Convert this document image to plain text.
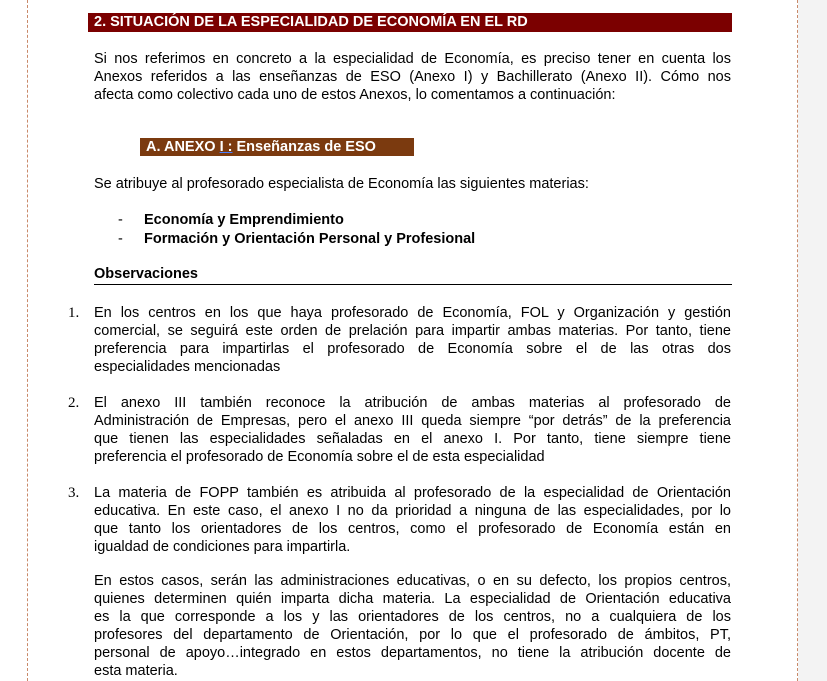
2. SITUACIÓN DE LA ESPECIALIDAD DE ECONOMÍA EN EL RD
Si nos referimos en concreto a la especialidad de Economía, es preciso tener en cuenta los
Anexos referidos a las enseñanzas de ESO (Anexo I) y Bachillerato (Anexo II). Cómo nos
afecta como colectivo cada uno de estos Anexos, lo comentamos a continuación:
A. ANEXO I : Enseñanzas de ESO
Se atribuye al profesorado especialista de Economía las siguientes materias:
- Economía y Emprendimiento
- Formación y Orientación Personal y Profesional
Observaciones
1. En los centros en los que haya profesorado de Economía, FOL y Organización y gestión
comercial, se seguirá este orden de prelación para impartir ambas materias. Por tanto, tiene
preferencia para impartirlas el profesorado de Economía sobre el de las otras dos
especialidades mencionadas
2. El anexo III también reconoce la atribución de ambas materias al profesorado de
Administración de Empresas, pero el anexo III queda siempre “por detrás” de la preferencia
que tienen las especialidades señaladas en el anexo I. Por tanto, tiene siempre tiene
preferencia el profesorado de Economía sobre el de esta especialidad
3. La materia de FOPP también es atribuida al profesorado de la especialidad de Orientación
educativa. En este caso, el anexo I no da prioridad a ninguna de las especialidades, por lo
que tanto los orientadores de los centros, como el profesorado de Economía están en
igualdad de condiciones para impartirla.
En estos casos, serán las administraciones educativas, o en su defecto, los propios centros,
quienes determinen quién imparta dicha materia. La especialidad de Orientación educativa
es la que corresponde a los y las orientadores de los centros, no a cualquiera de los
profesores del departamento de Orientación, por lo que el profesorado de ámbitos, PT,
personal de apoyo…integrado en estos departamentos, no tiene la atribución docente de
esta materia.
